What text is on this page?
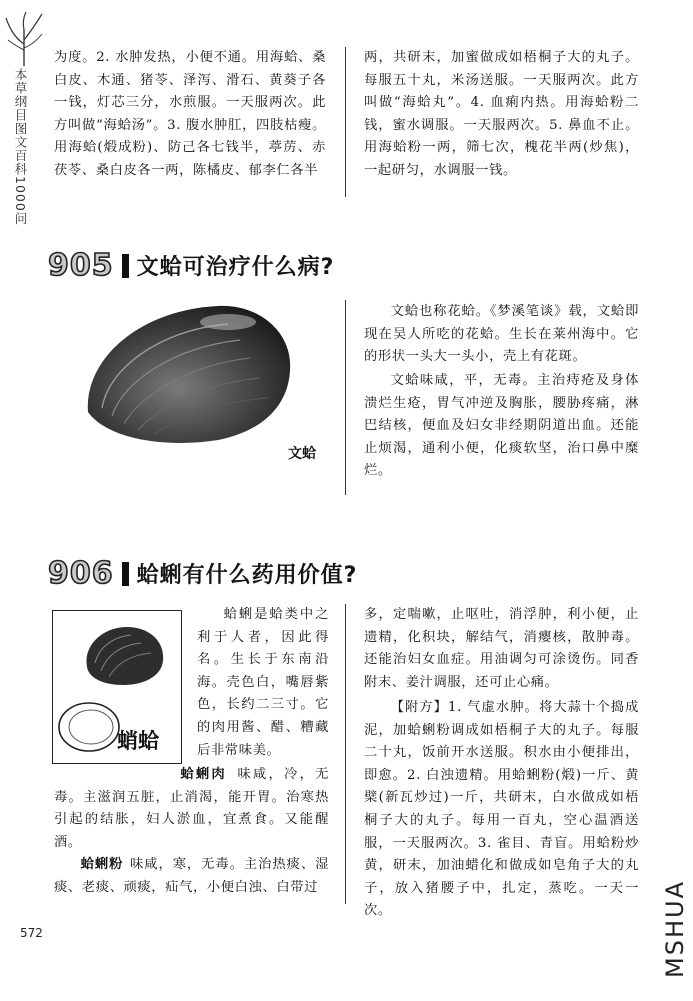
本草纲目图文百科1000问

为度。2. 水肿发热，小便不通。用海蛤、桑白皮、木通、猪苓、泽泻、滑石、黄葵子各一钱，灯芯三分，水煎服。一天服两次。此方叫做“海蛤汤”。3. 腹水肿肛，四肢枯瘦。用海蛤(煅成粉)、防己各七钱半，葶苈、赤茯苓、桑白皮各一两，陈橘皮、郁李仁各半

两，共研末，加蜜做成如梧桐子大的丸子。每服五十丸，米汤送服。一天服两次。此方叫做“海蛤丸”。4. 血痢内热。用海蛤粉二钱，蜜水调服。一天服两次。5. 鼻血不止。用海蛤粉一两，筛七次，槐花半两(炒焦)，一起研匀，水调服一钱。

905 文蛤可治疗什么病?
文蛤

文蛤也称花蛤。《梦溪笔谈》载，文蛤即现在吴人所吃的花蛤。生长在莱州海中。它的形状一头大一头小，壳上有花斑。

文蛤味咸，平，无毒。主治痔疮及身体溃烂生疮，胃气冲逆及胸胀，腰胁疼痛，淋巴结核，便血及妇女非经期阴道出血。还能止烦渴，通利小便，化痰软坚，治口鼻中糜烂。

906 蛤蜊有什么药用价值?
蛸蛤

蛤蜊是蛤类中之利于人者，因此得名。生长于东南沿海。壳色白，嘴唇紫色，长约二三寸。它的肉用酱、醋、糟藏后非常味美。

蛤蜊肉 味咸，冷，无毒。主滋润五脏，止消渴，能开胃。治寒热引起的结胀，妇人淤血，宜煮食。又能醒酒。

蛤蜊粉 味咸，寒，无毒。主治热痰、湿痰、老痰、顽痰，疝气，小便白浊、白带过

多，定喘嗽，止呕吐，消浮肿，利小便，止遗精，化积块，解结气，消瘿核，散肿毒。还能治妇女血症。用油调匀可涂烫伤。同香附末、姜汁调服，还可止心痛。

【附方】1. 气虚水肿。将大蒜十个捣成泥，加蛤蜊粉调成如梧桐子大的丸子。每服二十丸，饭前开水送服。积水由小便排出，即愈。2. 白浊遗精。用蛤蜊粉(煅)一斤、黄檗(新瓦炒过)一斤，共研末，白水做成如梧桐子大的丸子。每用一百丸，空心温酒送服，一天服两次。3. 雀目、青盲。用蛤粉炒黄，研末，加油蜡化和做成如皂角子大的丸子，放入猪腰子中，扎定，蒸吃。一天一次。

572	MSHUA
